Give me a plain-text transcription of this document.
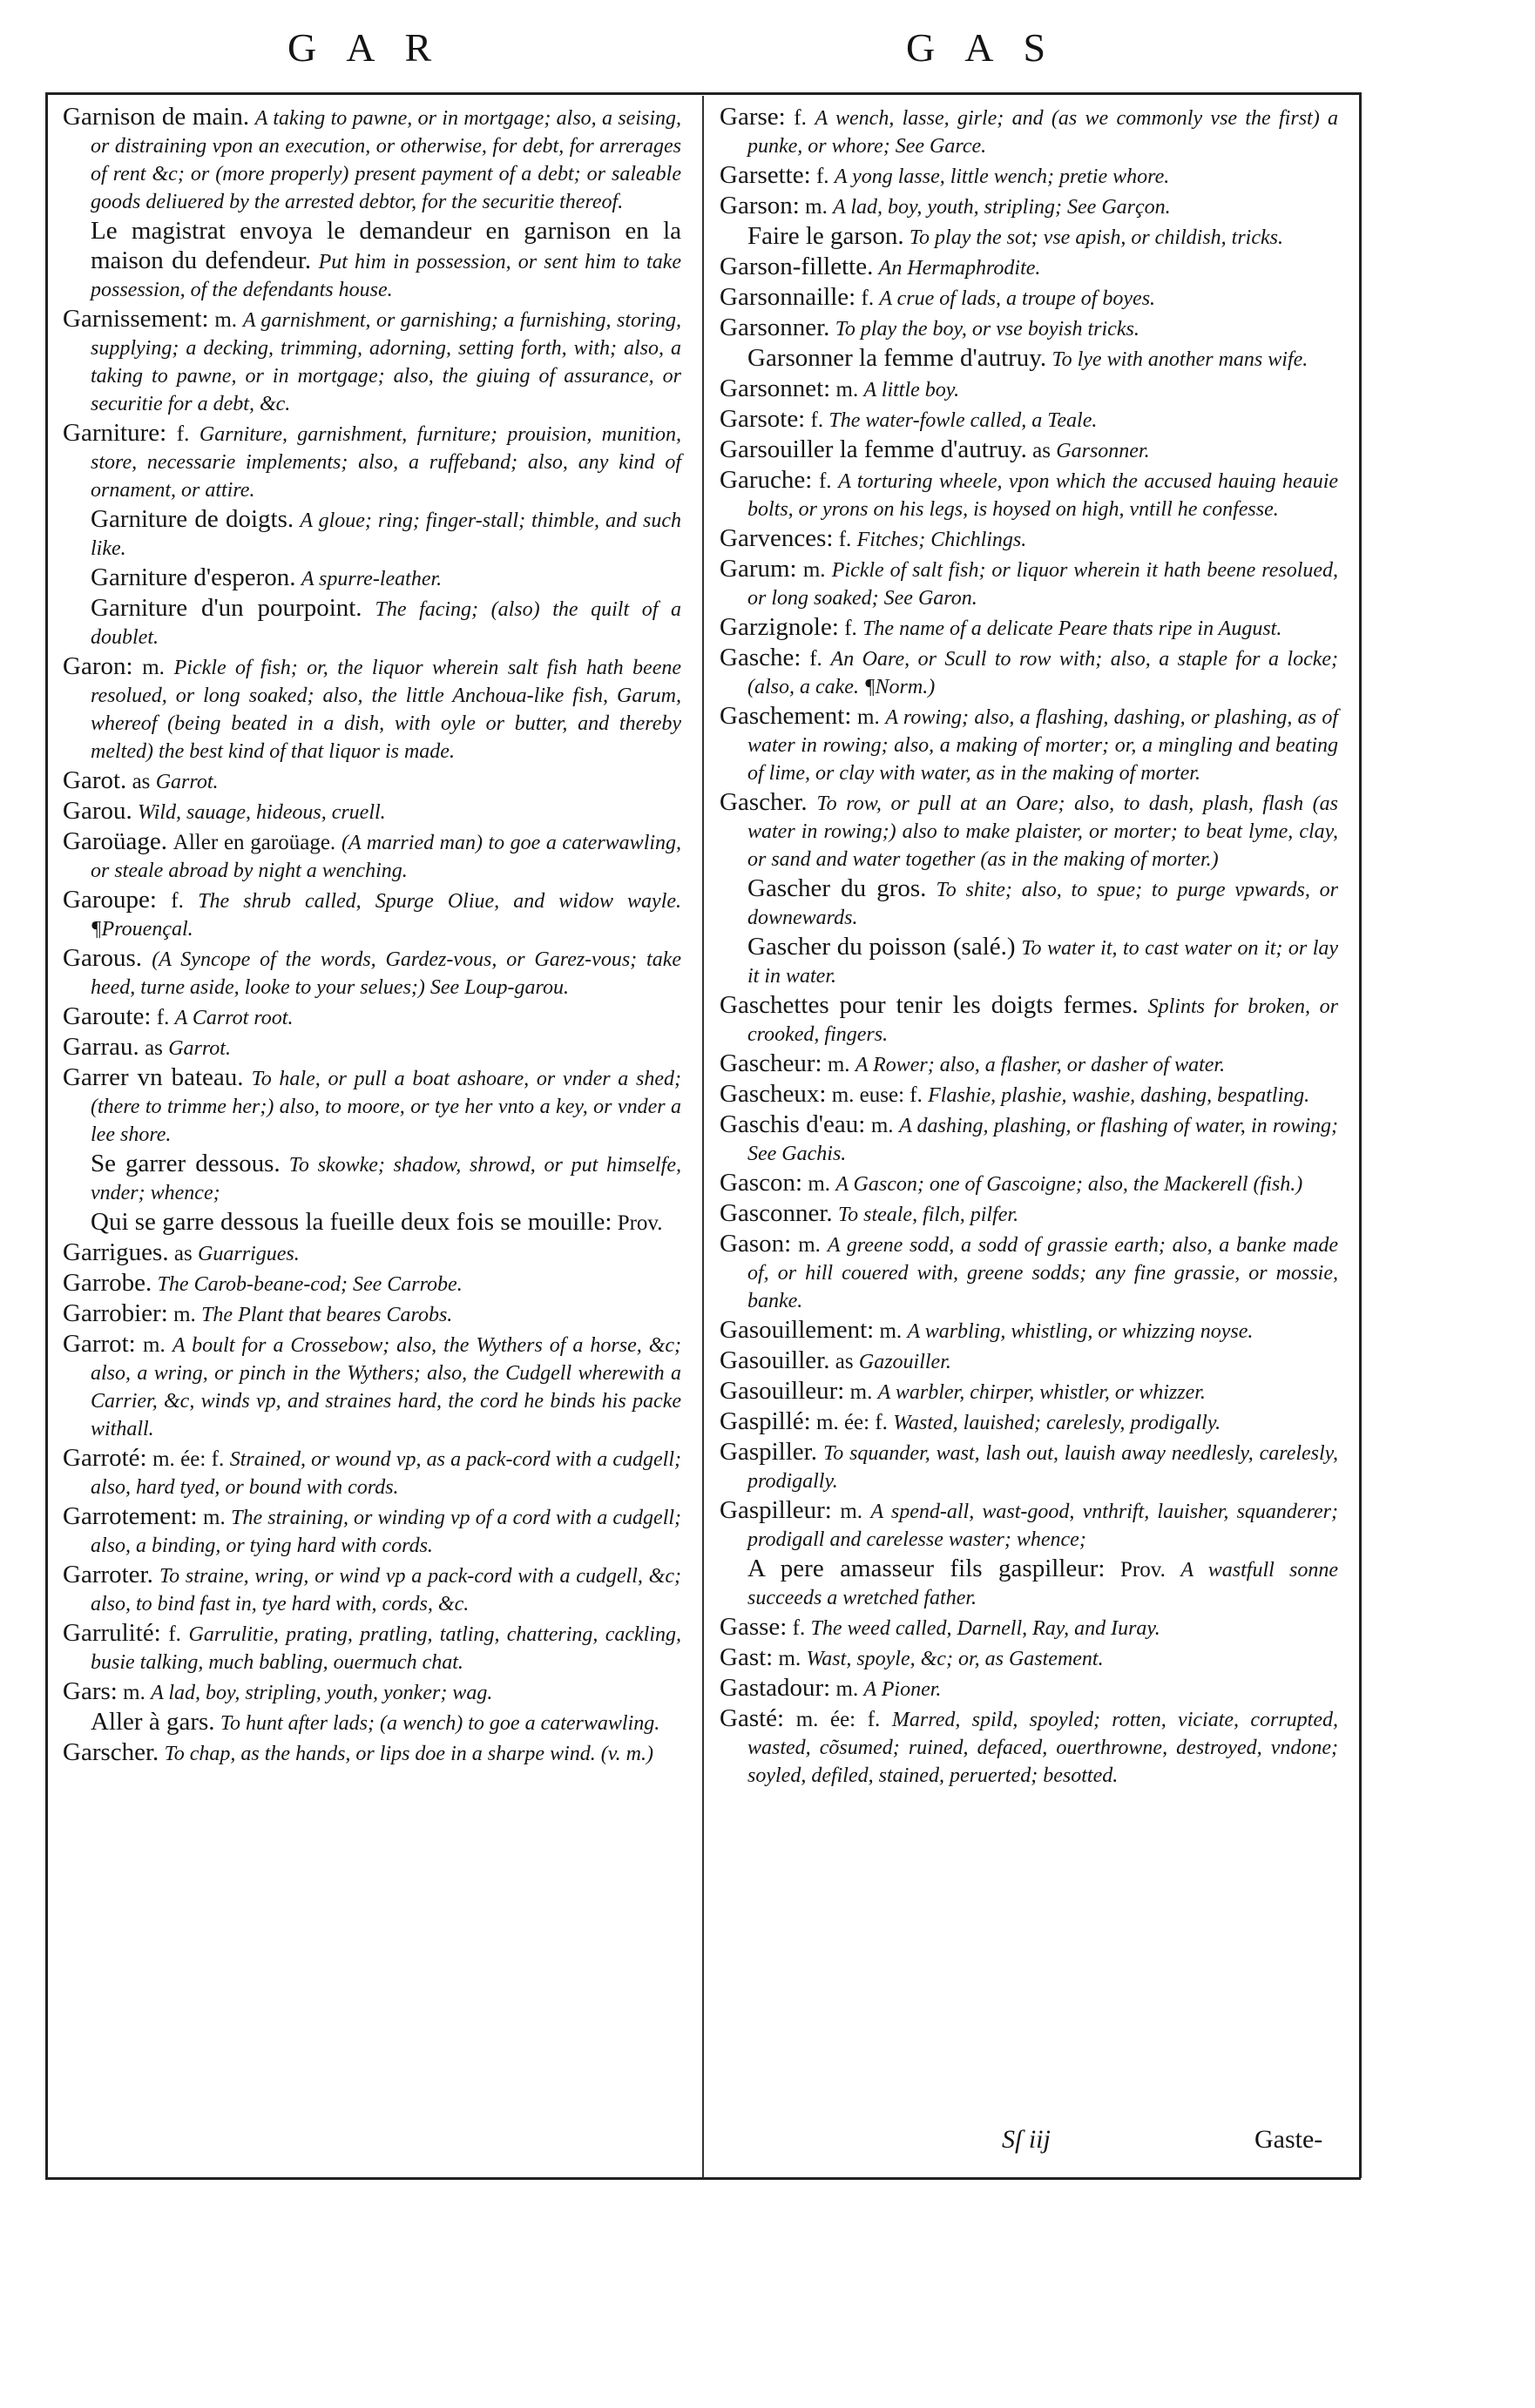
GAR	GAS

Garnison de main. A taking to pawne, or in mortgage; also, a seising, or distraining vpon an execution, or otherwise, for debt, for arrerages of rent &c; or (more properly) present payment of a debt; or saleable goods deliuered by the arrested debtor, for the securitie thereof.

Le magistrat envoya le demandeur en garnison en la maison du defendeur. Put him in possession, or sent him to take possession, of the defendants house.

Garnissement: m. A garnishment, or garnishing; a furnishing, storing, supplying; a decking, trimming, adorning, setting forth, with; also, a taking to pawne, or in mortgage; also, the giuing of assurance, or securitie for a debt, &c.

Garniture: f. Garniture, garnishment, furniture; prouision, munition, store, necessarie implements; also, a ruffeband; also, any kind of ornament, or attire.

Garniture de doigts. A gloue; ring; finger-stall; thimble, and such like.

Garniture d'esperon. A spurre-leather.

Garniture d'un pourpoint. The facing; (also) the quilt of a doublet.

Garon: m. Pickle of fish; or, the liquor wherein salt fish hath beene resolued, or long soaked; also, the little Anchoua-like fish, Garum, whereof (being beated in a dish, with oyle or butter, and thereby melted) the best kind of that liquor is made.

Garot. as Garrot.

Garou. Wild, sauage, hideous, cruell.

Garoüage. Aller en garoüage. (A married man) to goe a caterwawling, or steale abroad by night a wenching.

Garoupe: f. The shrub called, Spurge Oliue, and widow wayle. ¶Prouençal.

Garous. (A Syncope of the words, Gardez-vous, or Garez-vous; take heed, turne aside, looke to your selues;) See Loup-garou.

Garoute: f. A Carrot root.

Garrau. as Garrot.

Garrer vn bateau. To hale, or pull a boat ashoare, or vnder a shed; (there to trimme her;) also, to moore, or tye her vnto a key, or vnder a lee shore.

Se garrer dessous. To skowke; shadow, shrowd, or put himselfe, vnder; whence;

Qui se garre dessous la fueille deux fois se mouille: Prov.

Garrigues. as Guarrigues.

Garrobe. The Carob-beane-cod; See Carrobe.

Garrobier: m. The Plant that beares Carobs.

Garrot: m. A boult for a Crossebow; also, the Wythers of a horse, &c; also, a wring, or pinch in the Wythers; also, the Cudgell wherewith a Carrier, &c, winds vp, and straines hard, the cord he binds his packe withall.

Garroté: m. ée: f. Strained, or wound vp, as a pack-cord with a cudgell; also, hard tyed, or bound with cords.

Garrotement: m. The straining, or winding vp of a cord with a cudgell; also, a binding, or tying hard with cords.

Garroter. To straine, wring, or wind vp a pack-cord with a cudgell, &c; also, to bind fast in, tye hard with, cords, &c.

Garrulité: f. Garrulitie, prating, pratling, tatling, chattering, cackling, busie talking, much babling, ouermuch chat.

Gars: m. A lad, boy, stripling, youth, yonker; wag.

Aller à gars. To hunt after lads; (a wench) to goe a caterwawling.

Garscher. To chap, as the hands, or lips doe in a sharpe wind. (v. m.)

Garse: f. A wench, lasse, girle; and (as we commonly vse the first) a punke, or whore; See Garce.

Garsette: f. A yong lasse, little wench; pretie whore.

Garson: m. A lad, boy, youth, stripling; See Garçon.

Faire le garson. To play the sot; vse apish, or childish, tricks.

Garson-fillette. An Hermaphrodite.

Garsonnaille: f. A crue of lads, a troupe of boyes.

Garsonner. To play the boy, or vse boyish tricks.

Garsonner la femme d'autruy. To lye with another mans wife.

Garsonnet: m. A little boy.

Garsote: f. The water-fowle called, a Teale.

Garsouiller la femme d'autruy. as Garsonner.

Garuche: f. A torturing wheele, vpon which the accused hauing heauie bolts, or yrons on his legs, is hoysed on high, vntill he confesse.

Garvences: f. Fitches; Chichlings.

Garum: m. Pickle of salt fish; or liquor wherein it hath beene resolued, or long soaked; See Garon.

Garzignole: f. The name of a delicate Peare thats ripe in August.

Gasche: f. An Oare, or Scull to row with; also, a staple for a locke; (also, a cake. ¶Norm.)

Gaschement: m. A rowing; also, a flashing, dashing, or plashing, as of water in rowing; also, a making of morter; or, a mingling and beating of lime, or clay with water, as in the making of morter.

Gascher. To row, or pull at an Oare; also, to dash, plash, flash (as water in rowing;) also to make plaister, or morter; to beat lyme, clay, or sand and water together (as in the making of morter.)

Gascher du gros. To shite; also, to spue; to purge vpwards, or downewards.

Gascher du poisson (salé.) To water it, to cast water on it; or lay it in water.

Gaschettes pour tenir les doigts fermes. Splints for broken, or crooked, fingers.

Gascheur: m. A Rower; also, a flasher, or dasher of water.

Gascheux: m. euse: f. Flashie, plashie, washie, dashing, bespatling.

Gaschis d'eau: m. A dashing, plashing, or flashing of water, in rowing; See Gachis.

Gascon: m. A Gascon; one of Gascoigne; also, the Mackerell (fish.)

Gasconner. To steale, filch, pilfer.

Gason: m. A greene sodd, a sodd of grassie earth; also, a banke made of, or hill couered with, greene sodds; any fine grassie, or mossie, banke.

Gasouillement: m. A warbling, whistling, or whizzing noyse.

Gasouiller. as Gazouiller.

Gasouilleur: m. A warbler, chirper, whistler, or whizzer.

Gaspillé: m. ée: f. Wasted, lauished; carelesly, prodigally.

Gaspiller. To squander, wast, lash out, lauish away needlesly, carelesly, prodigally.

Gaspilleur: m. A spend-all, wast-good, vnthrift, lauisher, squanderer; prodigall and carelesse waster; whence;

A pere amasseur fils gaspilleur: Prov. A wastfull sonne succeeds a wretched father.

Gasse: f. The weed called, Darnell, Ray, and Iuray.

Gast: m. Wast, spoyle, &c; or, as Gastement.

Gastadour: m. A Pioner.

Gasté: m. ée: f. Marred, spild, spoyled; rotten, viciate, corrupted, wasted, cõsumed; ruined, defaced, ouerthrowne, destroyed, vndone; soyled, defiled, stained, peruerted; besotted.

Sſ iij	Gaste-
